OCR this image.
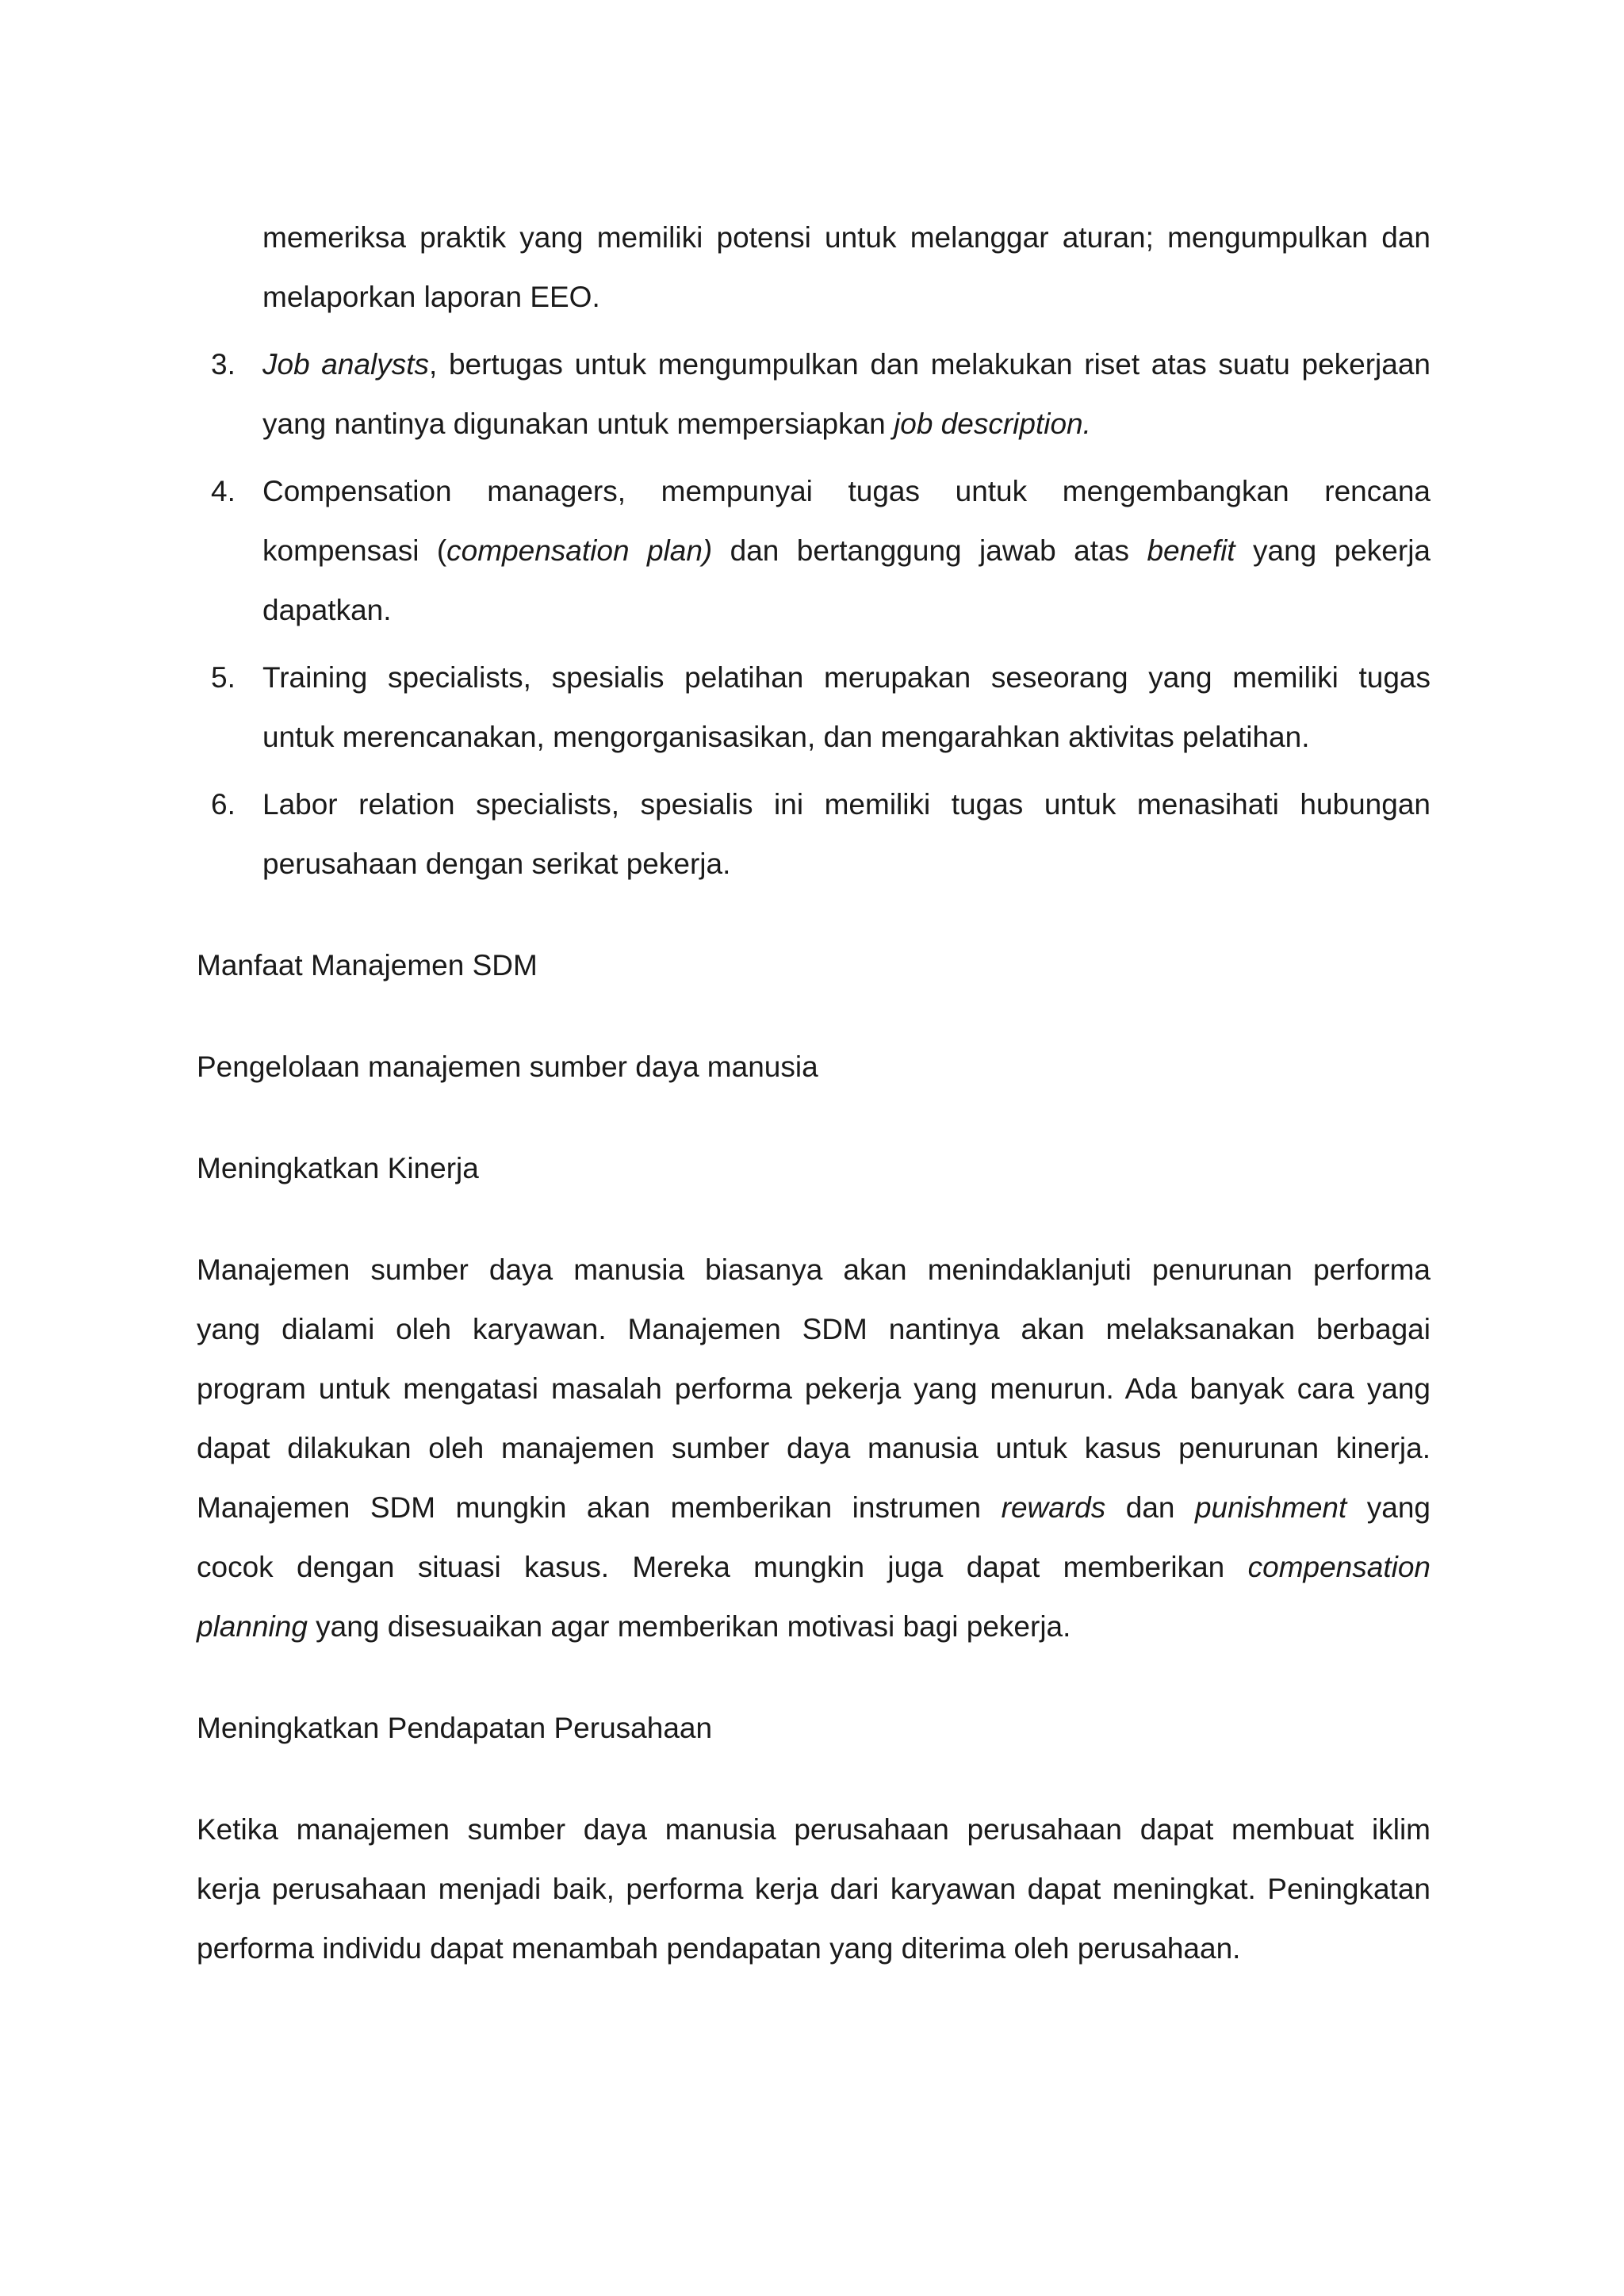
memeriksa praktik yang memiliki potensi untuk melanggar aturan; mengumpulkan dan
melaporkan laporan EEO.
3. Job analysts, bertugas untuk mengumpulkan dan melakukan riset atas suatu pekerjaan
yang nantinya digunakan untuk mempersiapkan job description.
4. Compensation managers, mempunyai tugas untuk mengembangkan rencana
kompensasi (compensation plan) dan bertanggung jawab atas benefit yang pekerja
dapatkan.
5. Training specialists, spesialis pelatihan merupakan seseorang yang memiliki tugas
untuk merencanakan, mengorganisasikan, dan mengarahkan aktivitas pelatihan.
6. Labor relation specialists, spesialis ini memiliki tugas untuk menasihati hubungan
perusahaan dengan serikat pekerja.
Manfaat Manajemen SDM
Pengelolaan manajemen sumber daya manusia
Meningkatkan Kinerja
Manajemen sumber daya manusia biasanya akan menindaklanjuti penurunan performa
yang dialami oleh karyawan. Manajemen SDM nantinya akan melaksanakan berbagai
program untuk mengatasi masalah performa pekerja yang menurun. Ada banyak cara yang
dapat dilakukan oleh manajemen sumber daya manusia untuk kasus penurunan kinerja.
Manajemen SDM mungkin akan memberikan instrumen rewards dan punishment yang
cocok dengan situasi kasus. Mereka mungkin juga dapat memberikan compensation
planning yang disesuaikan agar memberikan motivasi bagi pekerja.
Meningkatkan Pendapatan Perusahaan
Ketika manajemen sumber daya manusia perusahaan perusahaan dapat membuat iklim
kerja perusahaan menjadi baik, performa kerja dari karyawan dapat meningkat. Peningkatan
performa individu dapat menambah pendapatan yang diterima oleh perusahaan.
